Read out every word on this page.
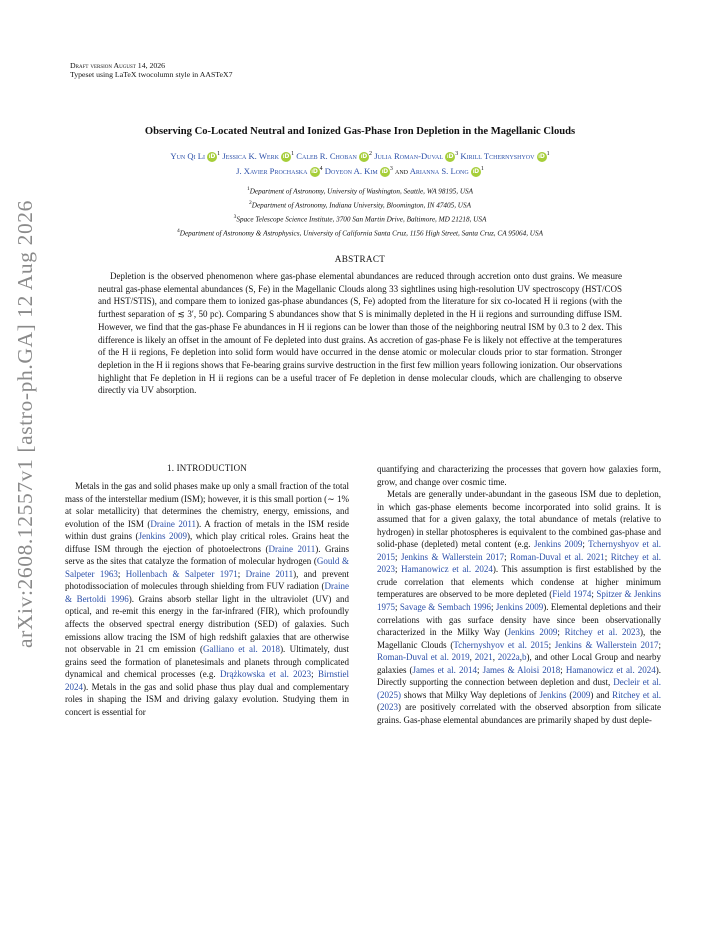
Draft version August 14, 2026
Typeset using LaTeX twocolumn style in AASTeX7
Observing Co-Located Neutral and Ionized Gas-Phase Iron Depletion in the Magellanic Clouds
Yun Qi Li iD $^1$ Jessica K. Werk iD $^1$ Caleb R. Choban iD $^2$ Julia Roman-Duval iD $^3$ Kirill Tchernyshyov iD $^1$
J. Xavier Prochaska iD $^4$ Doyeon A. Kim iD $^3$ and Arianna S. Long iD $^1$
$^1$Department of Astronomy, University of Washington, Seattle, WA 98195, USA
$^2$Department of Astronomy, Indiana University, Bloomington, IN 47405, USA
$^3$Space Telescope Science Institute, 3700 San Martin Drive, Baltimore, MD 21218, USA
$^4$Department of Astronomy & Astrophysics, University of California Santa Cruz, 1156 High Street, Santa Cruz, CA 95064, USA
ABSTRACT

Depletion is the observed phenomenon where gas-phase elemental abundances are reduced through accretion onto dust grains. We measure neutral gas-phase elemental abundances (S, Fe) in the Magellanic Clouds along 33 sightlines using high-resolution UV spectroscopy (HST/COS and HST/STIS), and compare them to ionized gas-phase abundances (S, Fe) adopted from the literature for six co-located H ii regions (with the furthest separation of ≲ 3′, 50 pc). Comparing S abundances show that S is minimally depleted in the H ii regions and surrounding diffuse ISM. However, we find that the gas-phase Fe abundances in H ii regions can be lower than those of the neighboring neutral ISM by 0.3 to 2 dex. This difference is likely an offset in the amount of Fe depleted into dust grains. As accretion of gas-phase Fe is likely not effective at the temperatures of the H ii regions, Fe depletion into solid form would have occurred in the dense atomic or molecular clouds prior to star formation. Stronger depletion in the H ii regions shows that Fe-bearing grains survive destruction in the first few million years following ionization. Our observations highlight that Fe depletion in H ii regions can be a useful tracer of Fe depletion in dense molecular clouds, which are challenging to observe directly via UV absorption.

arXiv:2608.12557v1 [astro-ph.GA] 12 Aug 2026	1. INTRODUCTION

Metals in the gas and solid phases make up only a small fraction of the total mass of the interstellar medium (ISM); however, it is this small portion (∼ 1% at solar metallicity) that determines the chemistry, energy, emissions, and evolution of the ISM (Draine 2011). A fraction of metals in the ISM reside within dust grains (Jenkins 2009), which play critical roles. Grains heat the diffuse ISM through the ejection of photoelectrons (Draine 2011). Grains serve as the sites that catalyze the formation of molecular hydrogen (Gould & Salpeter 1963; Hollenbach & Salpeter 1971; Draine 2011), and prevent photodissociation of molecules through shielding from FUV radiation (Draine & Bertoldi 1996). Grains absorb stellar light in the ultraviolet (UV) and optical, and re-emit this energy in the far-infrared (FIR), which profoundly affects the observed spectral energy distribution (SED) of galaxies. Such emissions allow tracing the ISM of high redshift galaxies that are otherwise not observable in 21 cm emission (Galliano et al. 2018). Ultimately, dust grains seed the formation of planetesimals and planets through complicated dynamical and chemical processes (e.g. Drążkowska et al. 2023; Birnstiel 2024). Metals in the gas and solid phase thus play dual and complementary roles in shaping the ISM and driving galaxy evolution. Studying them in concert is essential for

quantifying and characterizing the processes that govern how galaxies form, grow, and change over cosmic time.

Metals are generally under-abundant in the gaseous ISM due to depletion, in which gas-phase elements become incorporated into solid grains. It is assumed that for a given galaxy, the total abundance of metals (relative to hydrogen) in stellar photospheres is equivalent to the combined gas-phase and solid-phase (depleted) metal content (e.g. Jenkins 2009; Tchernyshyov et al. 2015; Jenkins & Wallerstein 2017; Roman-Duval et al. 2021; Ritchey et al. 2023; Hamanowicz et al. 2024). This assumption is first established by the crude correlation that elements which condense at higher minimum temperatures are observed to be more depleted (Field 1974; Spitzer & Jenkins 1975; Savage & Sembach 1996; Jenkins 2009). Elemental depletions and their correlations with gas surface density have since been observationally characterized in the Milky Way (Jenkins 2009; Ritchey et al. 2023), the Magellanic Clouds (Tchernyshyov et al. 2015; Jenkins & Wallerstein 2017; Roman-Duval et al. 2019, 2021, 2022a,b), and other Local Group and nearby galaxies (James et al. 2014; James & Aloisi 2018; Hamanowicz et al. 2024). Directly supporting the connection between depletion and dust, Decleir et al. (2025) shows that Milky Way depletions of Jenkins (2009) and Ritchey et al. (2023) are positively correlated with the observed absorption from silicate grains. Gas-phase elemental abundances are primarily shaped by dust deple-
